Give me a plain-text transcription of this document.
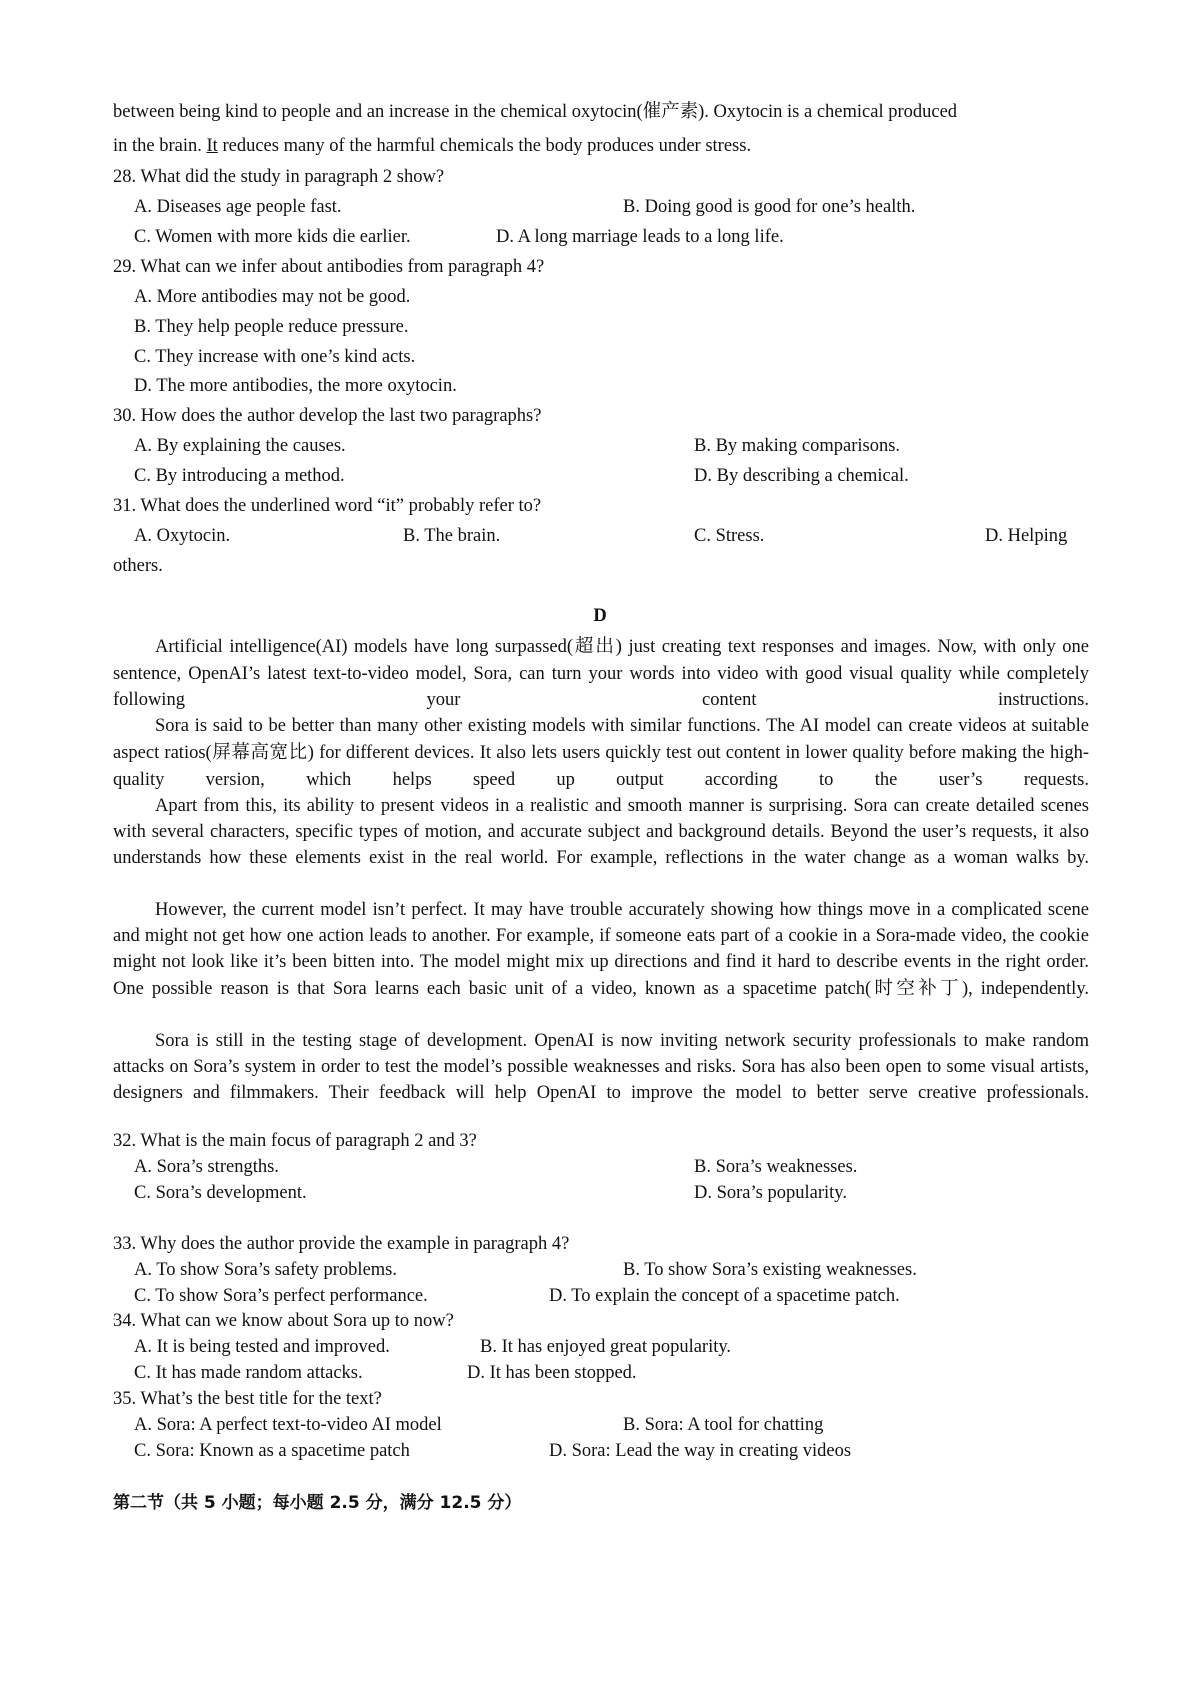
between being kind to people and an increase in the chemical oxytocin(催产素). Oxytocin is a chemical produced
in the brain. It reduces many of the harmful chemicals the body produces under stress.
28. What did the study in paragraph 2 show?
A. Diseases age people fast.	B. Doing good is good for one’s health.
C. Women with more kids die earlier.	D. A long marriage leads to a long life.
29. What can we infer about antibodies from paragraph 4?
A. More antibodies may not be good.
B. They help people reduce pressure.
C. They increase with one’s kind acts.
D. The more antibodies, the more oxytocin.
30. How does the author develop the last two paragraphs?
A. By explaining the causes.	B. By making comparisons.
C. By introducing a method.	D. By describing a chemical.
31. What does the underlined word “it” probably refer to?
A. Oxytocin.	B. The brain.	C. Stress.	D. Helping
others.
D
Artificial intelligence(AI) models have long surpassed(超出) just creating text responses and images. Now, with only one sentence, OpenAI’s latest text-to-video model, Sora, can turn your words into video with good visual quality while completely following your content instructions.
Sora is said to be better than many other existing models with similar functions. The AI model can create videos at suitable aspect ratios(屏幕高宽比) for different devices. It also lets users quickly test out content in lower quality before making the high-quality version, which helps speed up output according to the user’s requests.
Apart from this, its ability to present videos in a realistic and smooth manner is surprising. Sora can create detailed scenes with several characters, specific types of motion, and accurate subject and background details. Beyond the user’s requests, it also understands how these elements exist in the real world. For example, reflections in the water change as a woman walks by.
However, the current model isn’t perfect. It may have trouble accurately showing how things move in a complicated scene and might not get how one action leads to another. For example, if someone eats part of a cookie in a Sora-made video, the cookie might not look like it’s been bitten into. The model might mix up directions and find it hard to describe events in the right order. One possible reason is that Sora learns each basic unit of a video, known as a spacetime patch(时空补丁), independently.
Sora is still in the testing stage of development. OpenAI is now inviting network security professionals to make random attacks on Sora’s system in order to test the model’s possible weaknesses and risks. Sora has also been open to some visual artists, designers and filmmakers. Their feedback will help OpenAI to improve the model to better serve creative professionals.
32. What is the main focus of paragraph 2 and 3?
A. Sora’s strengths.	B. Sora’s weaknesses.
C. Sora’s development.	D. Sora’s popularity.
33. Why does the author provide the example in paragraph 4?
A. To show Sora’s safety problems.	B. To show Sora’s existing weaknesses.
C. To show Sora’s perfect performance.	D. To explain the concept of a spacetime patch.
34. What can we know about Sora up to now?
A. It is being tested and improved.	B. It has enjoyed great popularity.
C. It has made random attacks.	D. It has been stopped.
35. What’s the best title for the text?
A. Sora: A perfect text-to-video AI model	B. Sora: A tool for chatting
C. Sora: Known as a spacetime patch	D. Sora: Lead the way in creating videos
第二节（共 5 小题；每小题 2.5 分，满分 12.5 分）
